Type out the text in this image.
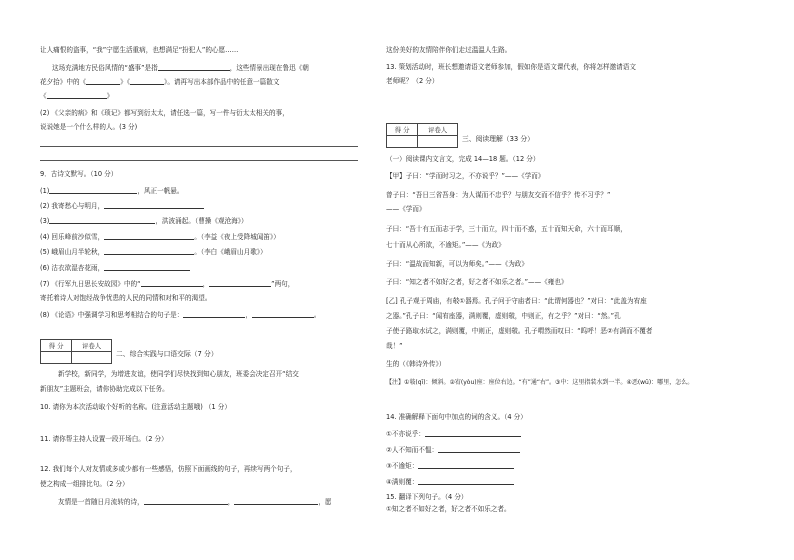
让人痛恨的盗事，“我”宁愿生活重病，也想满足“扮犯人”的心愿……
这场充满地方民俗风情的“盛事”是指	，这些情景出现在鲁迅《朝
花夕拾》中的《	》《	》。请再写出本部作品中的任意一篇散文
《	》
(2) 《父亲的病》和《琐记》都写到衍太太，请任选一篇，写一件与衍太太相关的事，
说说她是一个什么样的人。(3 分)
9．古诗文默写。（10 分）
(1)	，风正一帆悬。
(2) 我寄愁心与明月，
(3)	，洪波涌起。（曹操《观沧海》）
(4) 回乐峰前沙似雪，	。（李益《夜上受降城闻笛》）
(5) 峨眉山月半轮秋，	。（李白《峨眉山月歌》）
(6) 沽衣欲湿杏花雨，
(7) 《行军九日思长安故园》中的“	，	”两句，
寄托着诗人对饱经战争忧患的人民的同情和对和平的渴望。
(8) 《论语》中强调学习和思考相结合的句子是：	，	。
得 分	评卷人

二、综合实践与口语交际（7 分）
新学校，新同学，为增进友谊，使同学们尽快找到知心朋友，班委会决定召开“结交
新朋友”主题班会，请你协助完成以下任务。
10. 请你为本次活动取个好听的名称。(注意活动主题哦) （1 分）
11. 请你帮主持人设置一段开场白。（2 分）
12. 我们每个人对友情或多或少都有一些感悟，仿照下面画线的句子，再续写两个句子，
使之构成一组排比句。（2 分）
友情是一首随日月流转的诗，	，	，愿
这份美好的友情陪伴你们走过温温人生路。
13. 策划活动时，班长想邀请语文老师参加，假如你是语文课代表，你将怎样邀请语文
老师呢？（2 分）
得 分	评卷人

三、阅读理解（33 分）
（一）阅读课内文言文，完成 14—18 题。（12 分）
【甲】子曰：“学而时习之，不亦说乎？”——《学而》
曾子曰：“吾日三省吾身：为人谋而不忠乎？与朋友交而不信乎？传不习乎？”
——《学而》
子曰：“吾十有五而志于学，三十而立，四十而不惑，五十而知天命，六十而耳顺，
七十而从心所欲，不逾矩。”——《为政》
子曰：“温故而知新，可以为师矣。”——《为政》
子曰：“知之者不如好之者，好之者不如乐之者。”——《雍也》
[乙] 孔子观于周庙，有攲①器焉。孔子问于守庙者曰：“此谓何器也？”对曰：“此盖为宥座
之器。”孔子曰：“闻宥座器，满则覆，虚则攲，中则正，有之乎？”对曰：“然。”孔
子使子路取水试之，满则覆，中则正，虚则攲。孔子喟然而叹曰：“呜呼！恶②有满而不覆者
哉！”
生的（《韩诗外传》）
【注】①攲(qī)：倾斜。②宥(yòu)座：座位右边。“有”通“右”。③中：这里指装水到一半。④恶(wū)：哪里，怎么。
14. 准确解释下面句中加点的词的含义。（4 分）
①不亦说乎：
②人不知而不愠：
③不逾矩：
④满则覆：
15. 翻译下列句子。（4 分）
①知之者不如好之者，好之者不如乐之者。
